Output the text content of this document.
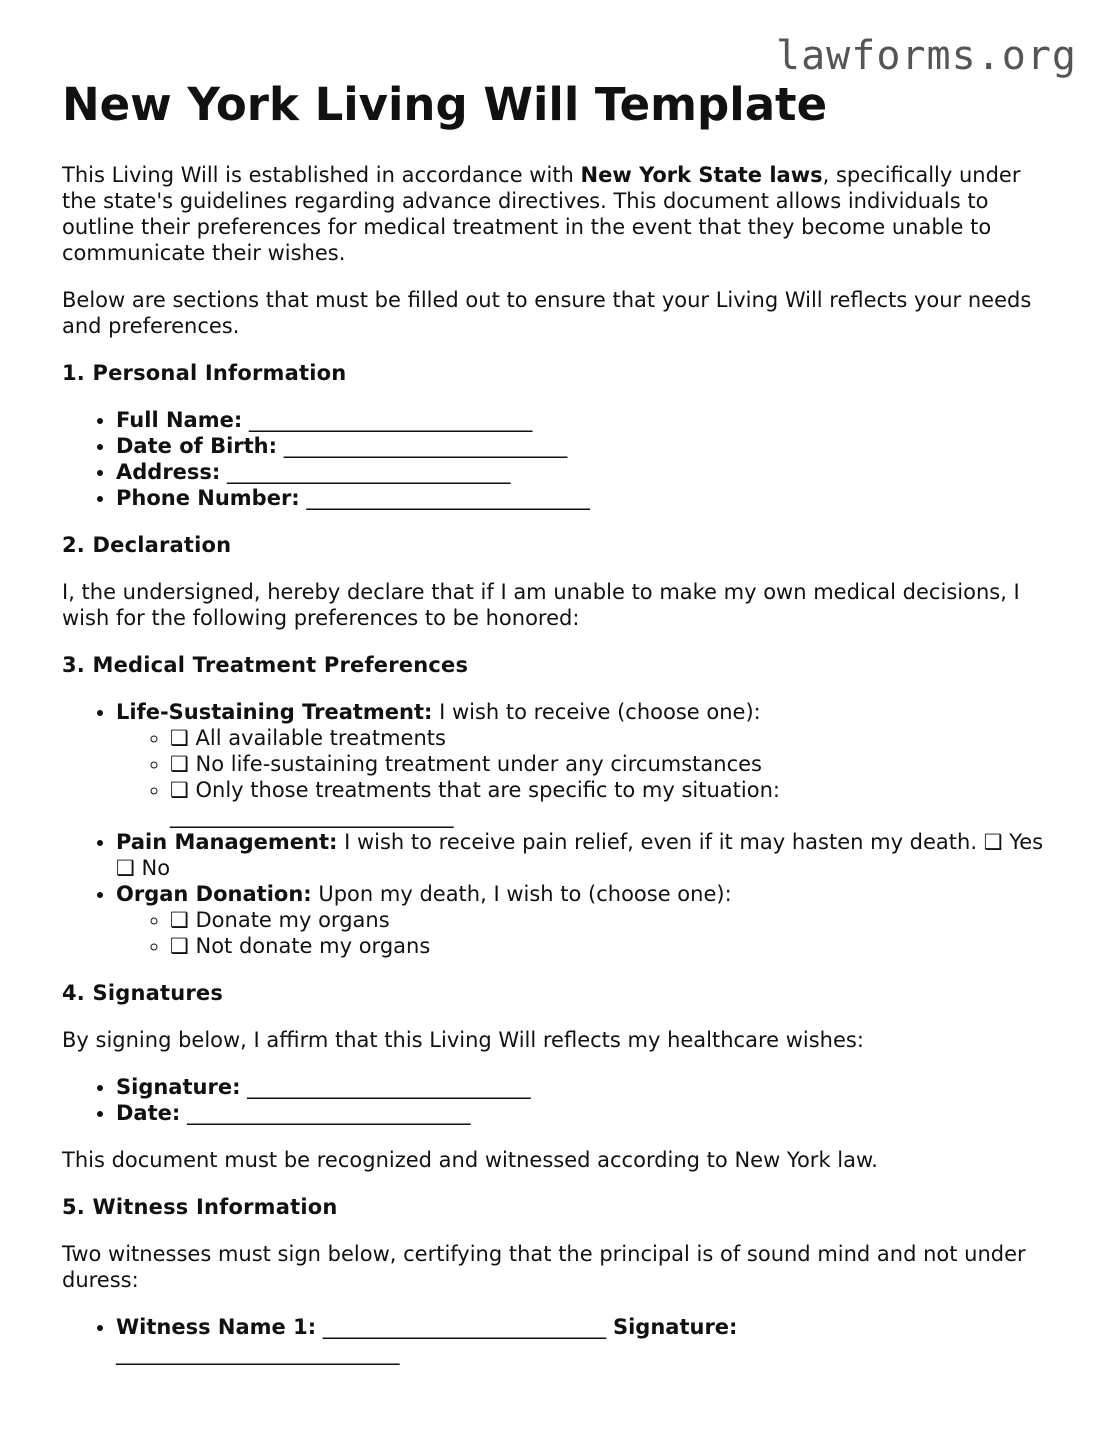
lawforms.org
New York Living Will Template

This Living Will is established in accordance with New York State laws, specifically under the state's guidelines regarding advance directives. This document allows individuals to outline their preferences for medical treatment in the event that they become unable to communicate their wishes.

Below are sections that must be filled out to ensure that your Living Will reflects your needs and preferences.

1. Personal Information
• Full Name: ___________________________
• Date of Birth: ___________________________
• Address: ___________________________
• Phone Number: ___________________________
2. Declaration

I, the undersigned, hereby declare that if I am unable to make my own medical decisions, I wish for the following preferences to be honored:

3. Medical Treatment Preferences
• Life-Sustaining Treatment: I wish to receive (choose one):
◦ ❑ All available treatments
◦ ❑ No life-sustaining treatment under any circumstances
◦ ❑ Only those treatments that are specific to my situation:
___________________________
• Pain Management: I wish to receive pain relief, even if it may hasten my death. ❑ Yes ❑ No
• Organ Donation: Upon my death, I wish to (choose one):
◦ ❑ Donate my organs
◦ ❑ Not donate my organs
4. Signatures

By signing below, I affirm that this Living Will reflects my healthcare wishes:

• Signature: ___________________________
• Date: ___________________________

This document must be recognized and witnessed according to New York law.

5. Witness Information

Two witnesses must sign below, certifying that the principal is of sound mind and not under duress:

• Witness Name 1: ___________________________ Signature:
___________________________
